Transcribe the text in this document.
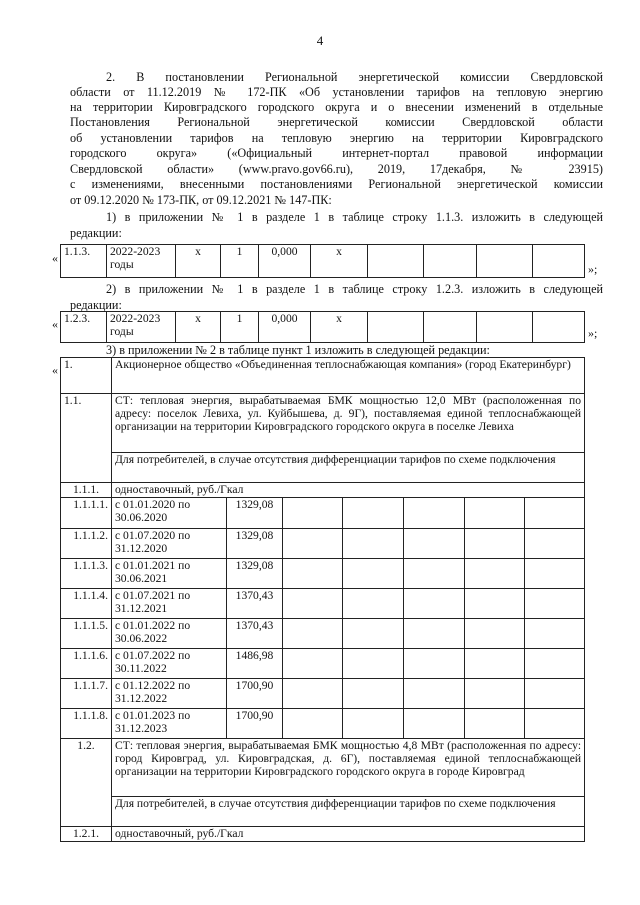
4
2. В постановлении Региональной энергетической комиссии Свердловской
области от 11.12.2019 № 172-ПК «Об установлении тарифов на тепловую энергию
на территории Кировградского городского округа и о внесении изменений в отдельные
Постановления Региональной энергетической комиссии Свердловской области
об установлении тарифов на тепловую энергию на территории Кировградского
городского округа» («Официальный интернет-портал правовой информации
Свердловской области» (www.pravo.gov66.ru), 2019, 17декабря, № 23915)
с изменениями, внесенными постановлениями Региональной энергетической комиссии
от 09.12.2020 № 173-ПК, от 09.12.2021 № 147-ПК:
1) в приложении № 1 в разделе 1 в таблице строку 1.1.3. изложить в следующей
редакции:
« 1.1.3.	2022-2023 годы	х	1	0,000	х				
»;
2) в приложении № 1 в разделе 1 в таблице строку 1.2.3. изложить в следующей
редакции:
« 1.2.3.	2022-2023 годы	х	1	0,000	х				
»;
3) в приложении № 2 в таблице пункт 1 изложить в следующей редакции:
« 1.	Акционерное общество «Объединенная теплоснабжающая компания» (город Екатеринбург)						
1.1.	СТ: тепловая энергия, вырабатываемая БМК мощностью 12,0 МВт (расположенная по адресу: поселок Левиха, ул. Куйбышева, д. 9Г), поставляемая единой теплоснабжающей организации на территории Кировградского городского округа в поселке Левиха						
	Для потребителей, в случае отсутствия дифференциации тарифов по схеме подключения						
1.1.1.	одноставочный, руб./Гкал						
1.1.1.1.	с 01.01.2020 по 30.06.2020	1329,08					
1.1.1.2.	с 01.07.2020 по 31.12.2020	1329,08					
1.1.1.3.	с 01.01.2021 по 30.06.2021	1329,08					
1.1.1.4.	с 01.07.2021 по 31.12.2021	1370,43					
1.1.1.5.	с 01.01.2022 по 30.06.2022	1370,43					
1.1.1.6.	с 01.07.2022 по 30.11.2022	1486,98					
1.1.1.7.	с 01.12.2022 по 31.12.2022	1700,90					
1.1.1.8.	с 01.01.2023 по 31.12.2023	1700,90					
1.2.	СТ: тепловая энергия, вырабатываемая БМК мощностью 4,8 МВт (расположенная по адресу: город Кировград, ул. Кировградская, д. 6Г), поставляемая единой теплоснабжающей организации на территории Кировградского городского округа в городе Кировград						
	Для потребителей, в случае отсутствия дифференциации тарифов по схеме подключения						
1.2.1.	одноставочный, руб./Гкал						
